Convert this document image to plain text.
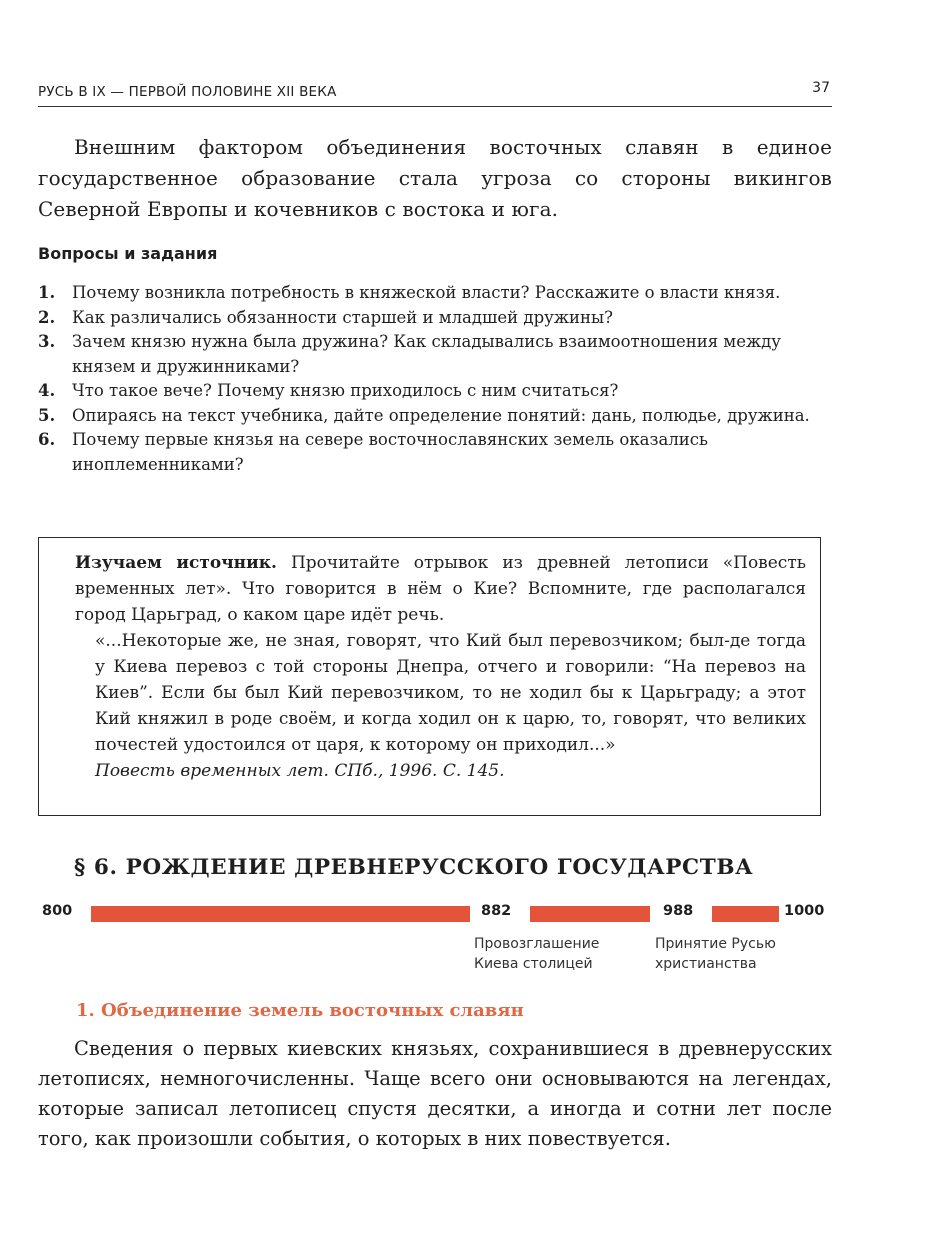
РУСЬ В IX — ПЕРВОЙ ПОЛОВИНЕ XII ВЕКА	37

Внешним фактором объединения восточных славян в единое государственное образование стала угроза со стороны викингов Северной Европы и кочевников с востока и юга.

Вопросы и задания
1. Почему возникла потребность в княжеской власти? Расскажите о власти князя.
2. Как различались обязанности старшей и младшей дружины?
3. Зачем князю нужна была дружина? Как складывались взаимоотношения между князем и дружинниками?
4. Что такое вече? Почему князю приходилось с ним считаться?
5. Опираясь на текст учебника, дайте определение понятий: дань, полюдье, дружина.
6. Почему первые князья на севере восточнославянских земель оказались иноплеменниками?

Изучаем источник. Прочитайте отрывок из древней летописи «Повесть временных лет». Что говорится в нём о Кие? Вспомните, где располагался город Царьград, о каком царе идёт речь.

«...Некоторые же, не зная, говорят, что Кий был перевозчиком; был-де тогда у Киева перевоз с той стороны Днепра, отчего и говорили: “На перевоз на Киев”. Если бы был Кий перевозчиком, то не ходил бы к Царьграду; а этот Кий княжил в роде своём, и когда ходил он к царю, то, говорят, что великих почестей удостоился от царя, к которому он приходил...»

Повесть временных лет. СПб., 1996. С. 145.

§ 6. РОЖДЕНИЕ ДРЕВНЕРУССКОГО ГОСУДАРСТВА
800	882	988	1000
Провозглашение
Киева столицей
Принятие Русью
христианства
1. Объединение земель восточных славян

Сведения о первых киевских князьях, сохранившиеся в древнерусских летописях, немногочисленны. Чаще всего они основываются на легендах, которые записал летописец спустя десятки, а иногда и сотни лет после того, как произошли события, о которых в них повествуется.
